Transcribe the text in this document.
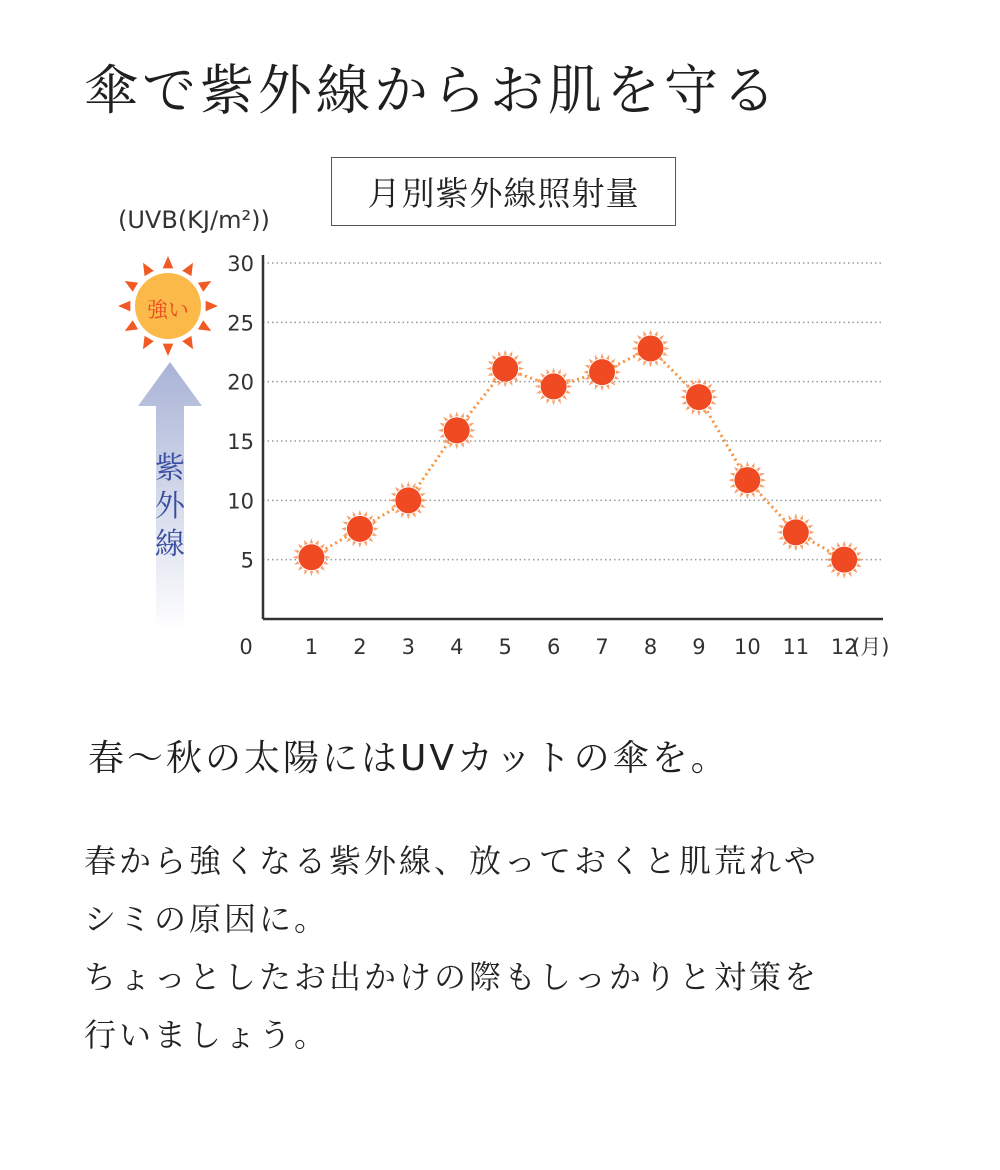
傘で紫外線からお肌を守る
月別紫外線照射量
(UVB(KJ/m²))
強い
紫
外
線	5
10
15
20
25
30
0 1 2 3 4 5 6 7 8 9 10 11 12
(月)
春～秋の太陽にはUVカットの傘を。

春から強くなる紫外線、放っておくと肌荒れや

シミの原因に。

ちょっとしたお出かけの際もしっかりと対策を

行いましょう。
